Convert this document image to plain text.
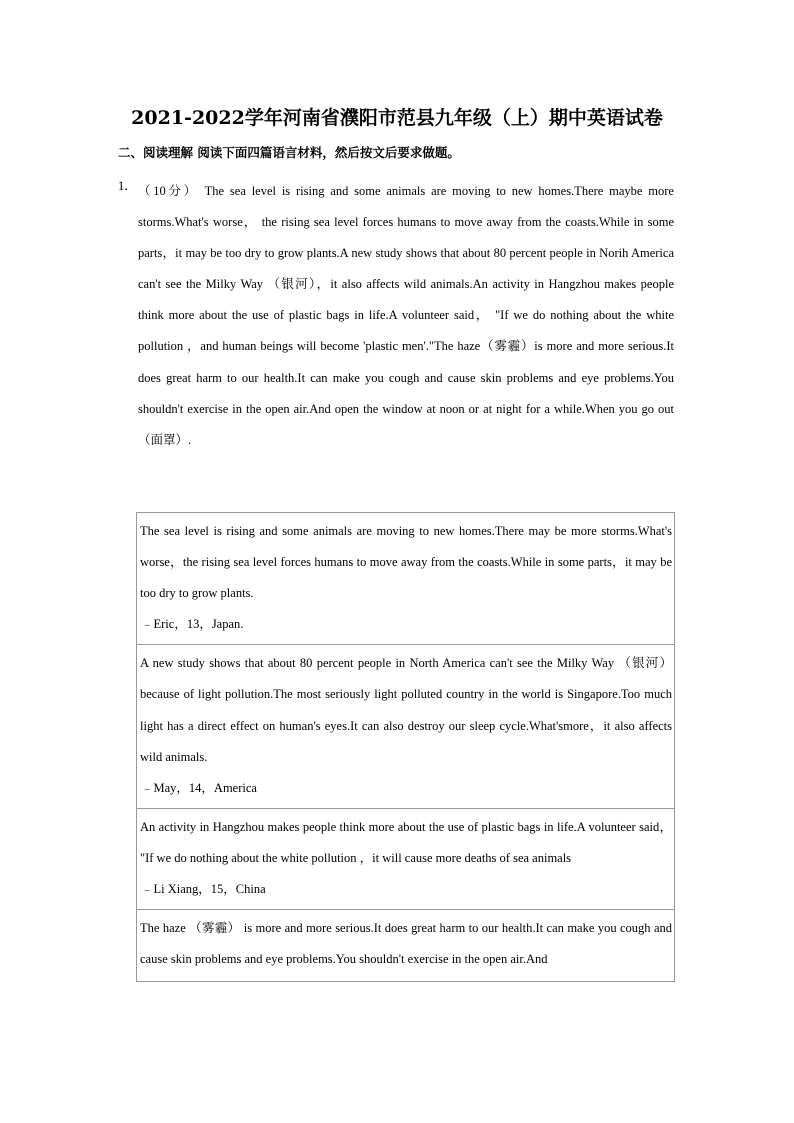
2021-2022学年河南省濮阳市范县九年级（上）期中英语试卷
二、阅读理解 阅读下面四篇语言材料，然后按文后要求做题。
1． （10分） The sea level is rising and some animals are moving to new homes.There maybe more storms.What's worse， the rising sea level forces humans to move away from the coasts.While in some parts，it may be too dry to grow plants.A new study shows that about 80 percent people in Norih America can't see the Milky Way （银河），it also affects wild animals.An activity in Hangzhou makes people think more about the use of plastic bags in life.A volunteer said， "If we do nothing about the white pollution ，and human beings will become 'plastic men'."The haze（雾霾）is more and more serious.It does great harm to our health.It can make you cough and cause skin problems and eye problems.You shouldn't exercise in the open air.And open the window at noon or at night for a while.When you go out （面罩）.
The sea level is rising and some animals are moving to new homes.There may be more storms.What's worse，the rising sea level forces humans to move away from the coasts.While in some parts，it may be too dry to grow plants.
﹣Eric，13，Japan.
A new study shows that about 80 percent people in North America can't see the Milky Way （银河） because of light pollution.The most seriously light polluted country in the world is Singapore.Too much light has a direct effect on human's eyes.It can also destroy our sleep cycle.What'smore，it also affects wild animals.
﹣May，14，America
An activity in Hangzhou makes people think more about the use of plastic bags in life.A volunteer said， "If we do nothing about the white pollution ，it will cause more deaths of sea animals
﹣Li Xiang，15，China
The haze （雾霾） is more and more serious.It does great harm to our health.It can make you cough and cause skin problems and eye problems.You shouldn't exercise in the open air.And
